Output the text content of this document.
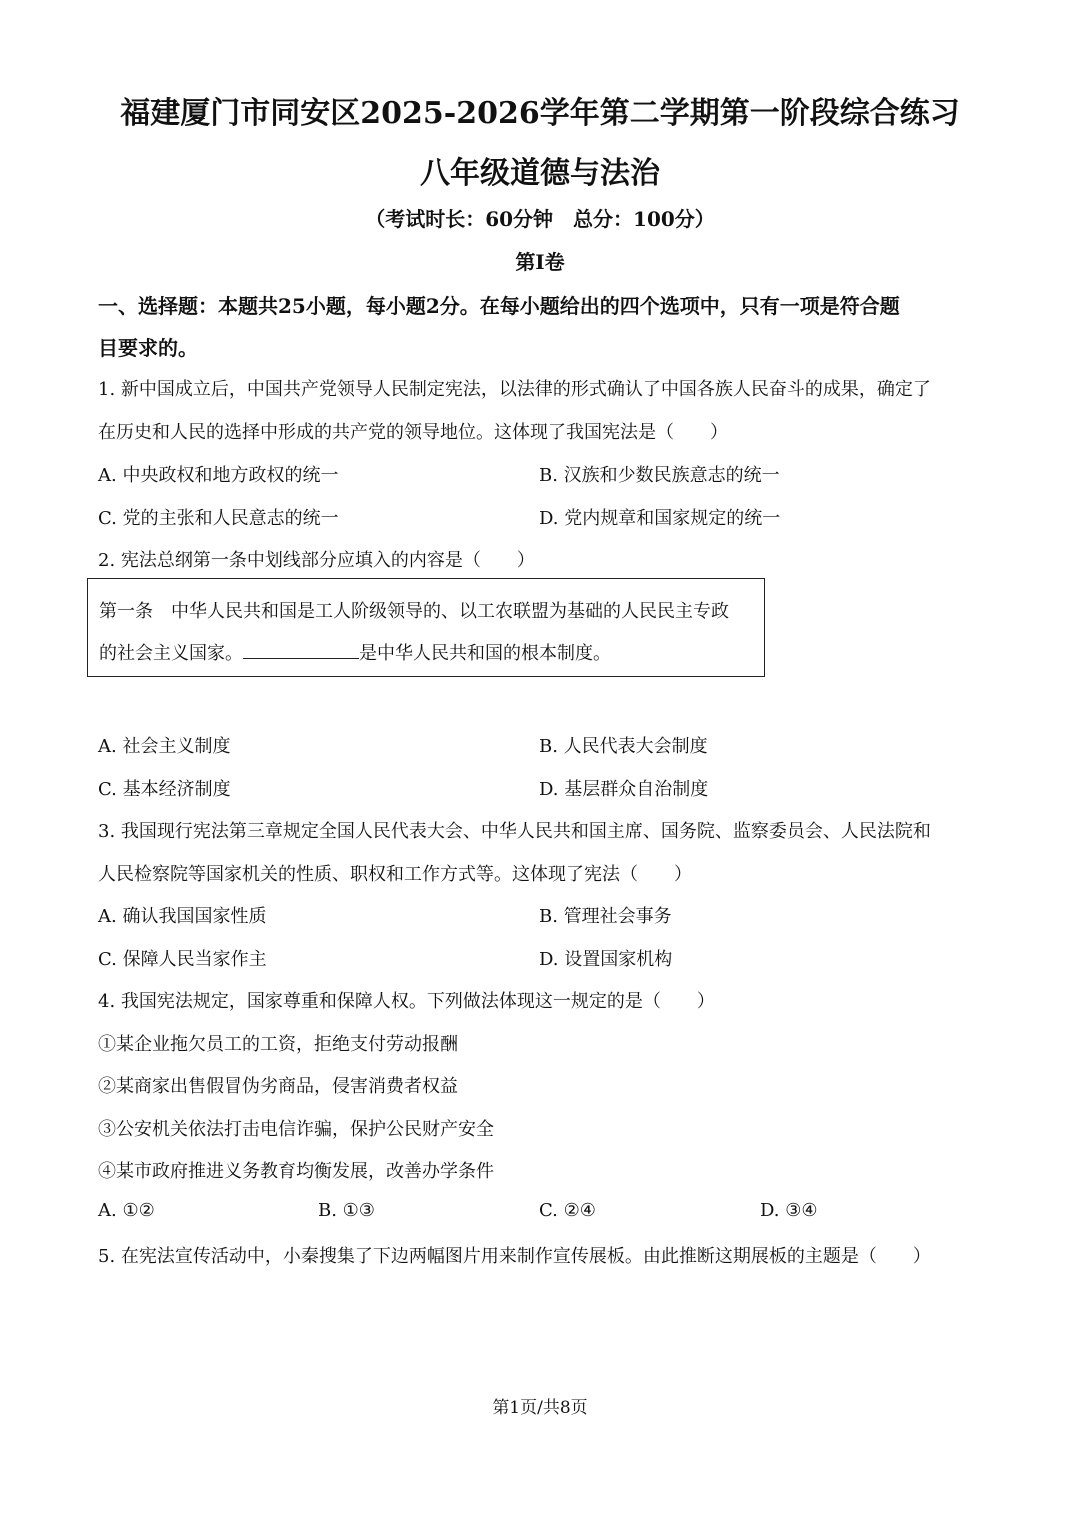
福建厦门市同安区2025-2026学年第二学期第一阶段综合练习
八年级道德与法治
（考试时长：60分钟　总分：100分）
第Ⅰ卷
一、选择题：本题共25小题，每小题2分。在每小题给出的四个选项中，只有一项是符合题
目要求的。
1. 新中国成立后，中国共产党领导人民制定宪法，以法律的形式确认了中国各族人民奋斗的成果，确定了
在历史和人民的选择中形成的共产党的领导地位。这体现了我国宪法是（　　）
A. 中央政权和地方政权的统一	B. 汉族和少数民族意志的统一
C. 党的主张和人民意志的统一	D. 党内规章和国家规定的统一
2. 宪法总纲第一条中划线部分应填入的内容是（　　）
第一条　中华人民共和国是工人阶级领导的、以工农联盟为基础的人民民主专政
的社会主义国家。	是中华人民共和国的根本制度。
A. 社会主义制度	B. 人民代表大会制度
C. 基本经济制度	D. 基层群众自治制度
3. 我国现行宪法第三章规定全国人民代表大会、中华人民共和国主席、国务院、监察委员会、人民法院和
人民检察院等国家机关的性质、职权和工作方式等。这体现了宪法（　　）
A. 确认我国国家性质	B. 管理社会事务
C. 保障人民当家作主	D. 设置国家机构
4. 我国宪法规定，国家尊重和保障人权。下列做法体现这一规定的是（　　）
①某企业拖欠员工的工资，拒绝支付劳动报酬
②某商家出售假冒伪劣商品，侵害消费者权益
③公安机关依法打击电信诈骗，保护公民财产安全
④某市政府推进义务教育均衡发展，改善办学条件
A. ①②	B. ①③	C. ②④	D. ③④
5. 在宪法宣传活动中，小秦搜集了下边两幅图片用来制作宣传展板。由此推断这期展板的主题是（　　）
第1页/共8页
